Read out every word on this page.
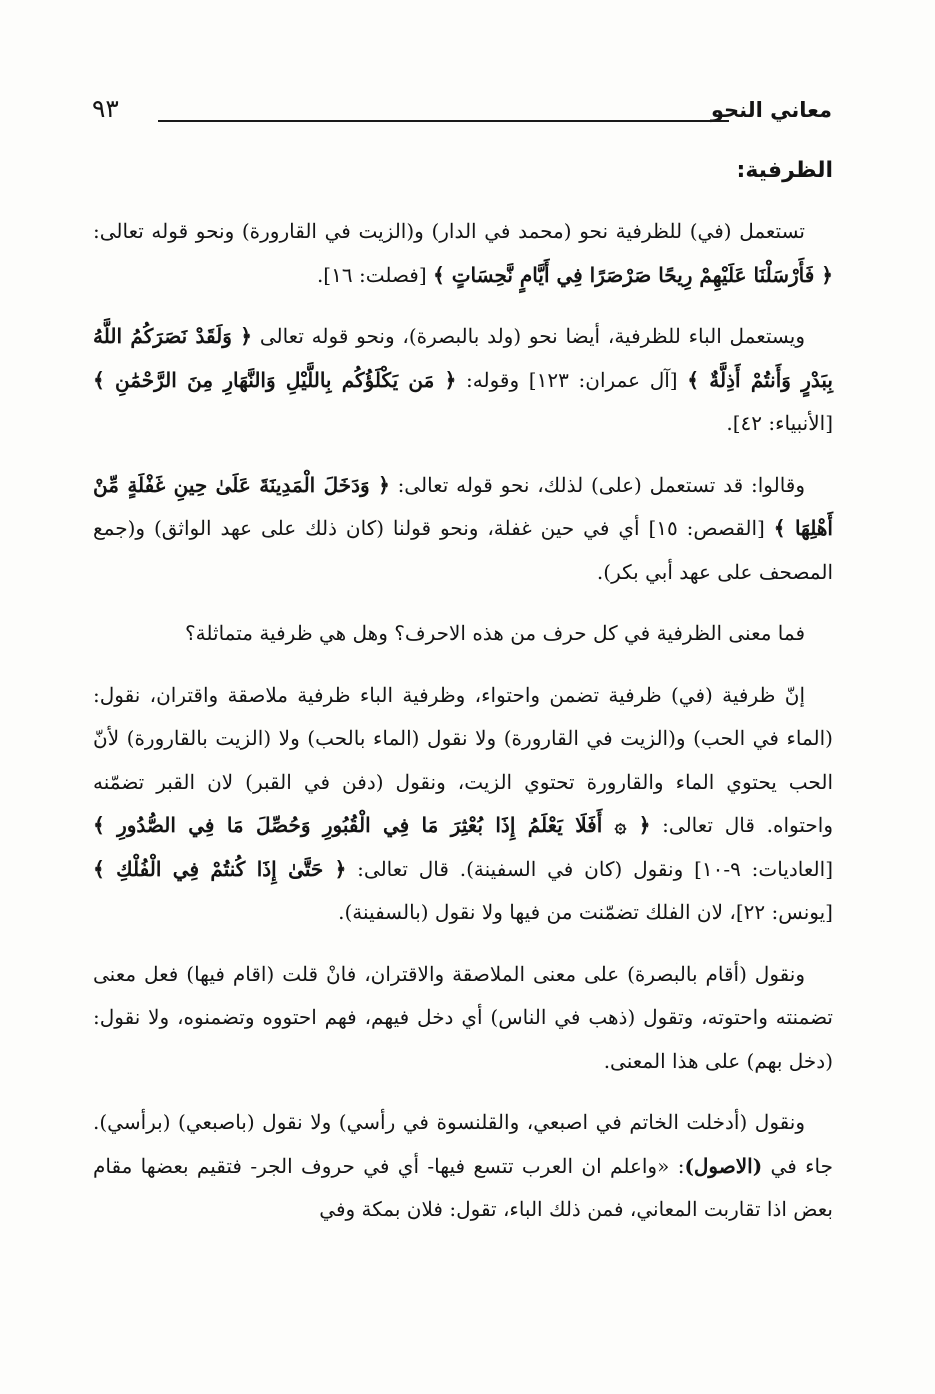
معاني النحو
٩٣
الظرفية:

تستعمل (في) للظرفية نحو (محمد في الدار) و(الزيت في القارورة) ونحو قوله تعالى: ﴿ فَأَرْسَلْنَا عَلَيْهِمْ رِيحًا صَرْصَرًا فِي أَيَّامٍ نَّحِسَاتٍ ﴾ [فصلت: ١٦].

ويستعمل الباء للظرفية، أيضا نحو (ولد بالبصرة)، ونحو قوله تعالى ﴿ وَلَقَدْ نَصَرَكُمُ اللَّهُ بِبَدْرٍ وَأَنتُمْ أَذِلَّةٌ ﴾ [آل عمران: ١٢٣] وقوله: ﴿ مَن يَكْلَؤُكُم بِاللَّيْلِ وَالنَّهَارِ مِنَ الرَّحْمَٰنِ ﴾ [الأنبياء: ٤٢].

وقالوا: قد تستعمل (على) لذلك، نحو قوله تعالى: ﴿ وَدَخَلَ الْمَدِينَةَ عَلَىٰ حِينِ غَفْلَةٍ مِّنْ أَهْلِهَا ﴾ [القصص: ١٥] أي في حين غفلة، ونحو قولنا (كان ذلك على عهد الواثق) و(جمع المصحف على عهد أبي بكر).

فما معنى الظرفية في كل حرف من هذه الاحرف؟ وهل هي ظرفية متماثلة؟

إنّ ظرفية (في) ظرفية تضمن واحتواء، وظرفية الباء ظرفية ملاصقة واقتران، نقول: (الماء في الحب) و(الزيت في القارورة) ولا نقول (الماء بالحب) ولا (الزيت بالقارورة) لأنّ الحب يحتوي الماء والقارورة تحتوي الزيت، ونقول (دفن في القبر) لان القبر تضمّنه واحتواه. قال تعالى: ﴿ ۞ أَفَلَا يَعْلَمُ إِذَا بُعْثِرَ مَا فِي الْقُبُورِ وَحُصِّلَ مَا فِي الصُّدُورِ ﴾ [العاديات: ٩-١٠] ونقول (كان في السفينة). قال تعالى: ﴿ حَتَّىٰ إِذَا كُنتُمْ فِي الْفُلْكِ ﴾ [يونس: ٢٢]، لان الفلك تضمّنت من فيها ولا نقول (بالسفينة).

ونقول (أقام بالبصرة) على معنى الملاصقة والاقتران، فانْ قلت (اقام فيها) فعل معنى تضمنته واحتوته، وتقول (ذهب في الناس) أي دخل فيهم، فهم احتووه وتضمنوه، ولا نقول: (دخل بهم) على هذا المعنى.

ونقول (أدخلت الخاتم في اصبعي، والقلنسوة في رأسي) ولا نقول (باصبعي) (برأسي). جاء في (الاصول): «واعلم ان العرب تتسع فيها- أي في حروف الجر- فتقيم بعضها مقام بعض اذا تقاربت المعاني، فمن ذلك الباء، تقول: فلان بمكة وفي
